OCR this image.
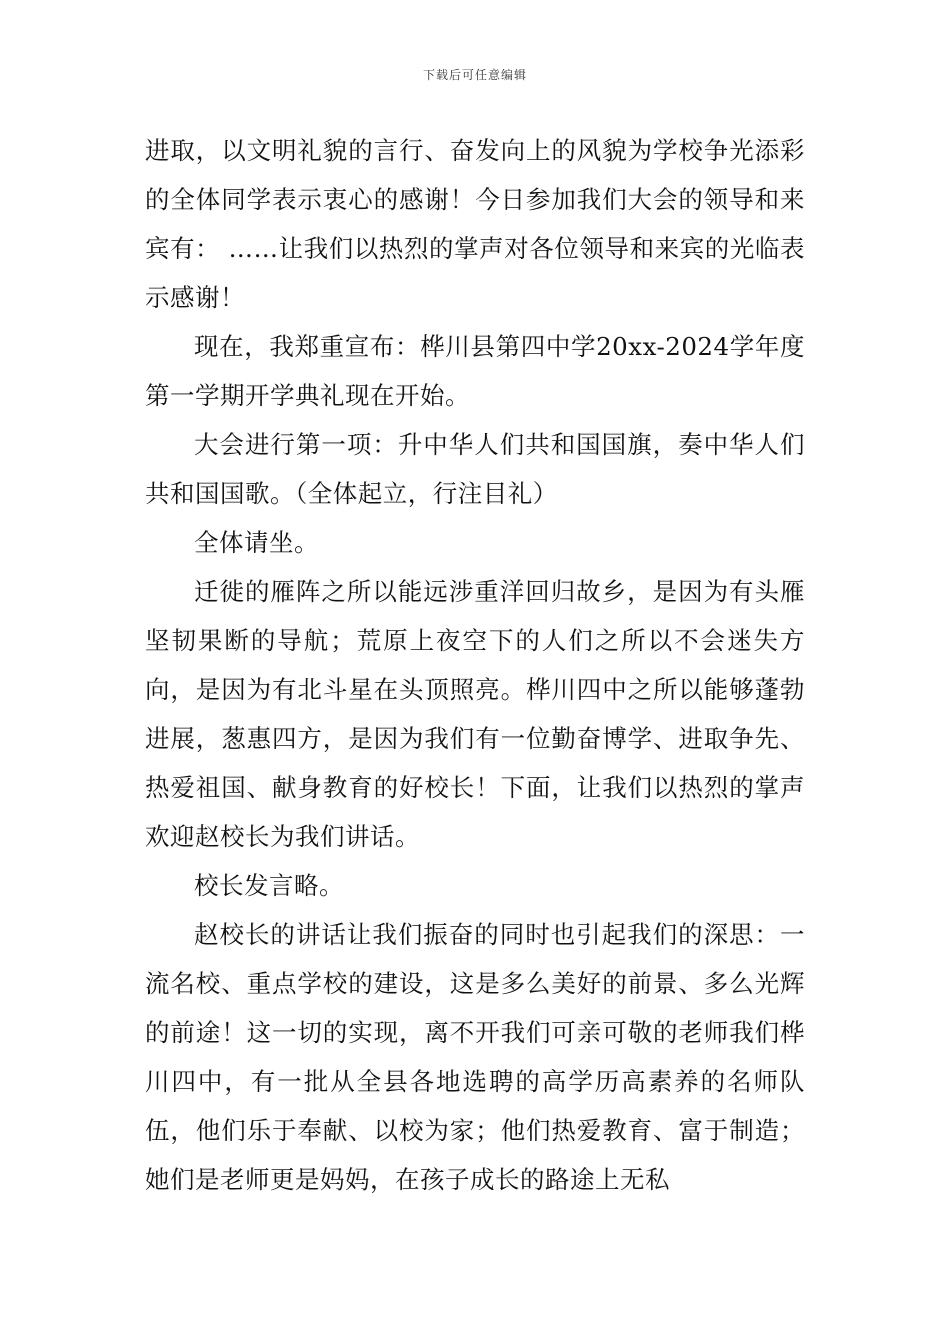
下载后可任意编辑

进取，以文明礼貌的言行、奋发向上的风貌为学校争光添彩的全体同学表示衷心的感谢！今日参加我们大会的领导和来宾有： ……让我们以热烈的掌声对各位领导和来宾的光临表示感谢！

现在，我郑重宣布：桦川县第四中学20xx-2024学年度第一学期开学典礼现在开始。

大会进行第一项：升中华人们共和国国旗，奏中华人们共和国国歌。（全体起立，行注目礼）

全体请坐。

迁徙的雁阵之所以能远涉重洋回归故乡，是因为有头雁坚韧果断的导航；荒原上夜空下的人们之所以不会迷失方向，是因为有北斗星在头顶照亮。桦川四中之所以能够蓬勃进展，葱惠四方，是因为我们有一位勤奋博学、进取争先、热爱祖国、献身教育的好校长！下面，让我们以热烈的掌声欢迎赵校长为我们讲话。

校长发言略。

赵校长的讲话让我们振奋的同时也引起我们的深思：一流名校、重点学校的建设，这是多么美好的前景、多么光辉的前途！这一切的实现，离不开我们可亲可敬的老师我们桦川四中，有一批从全县各地选聘的高学历高素养的名师队伍，他们乐于奉献、以校为家；他们热爱教育、富于制造；她们是老师更是妈妈，在孩子成长的路途上无私
